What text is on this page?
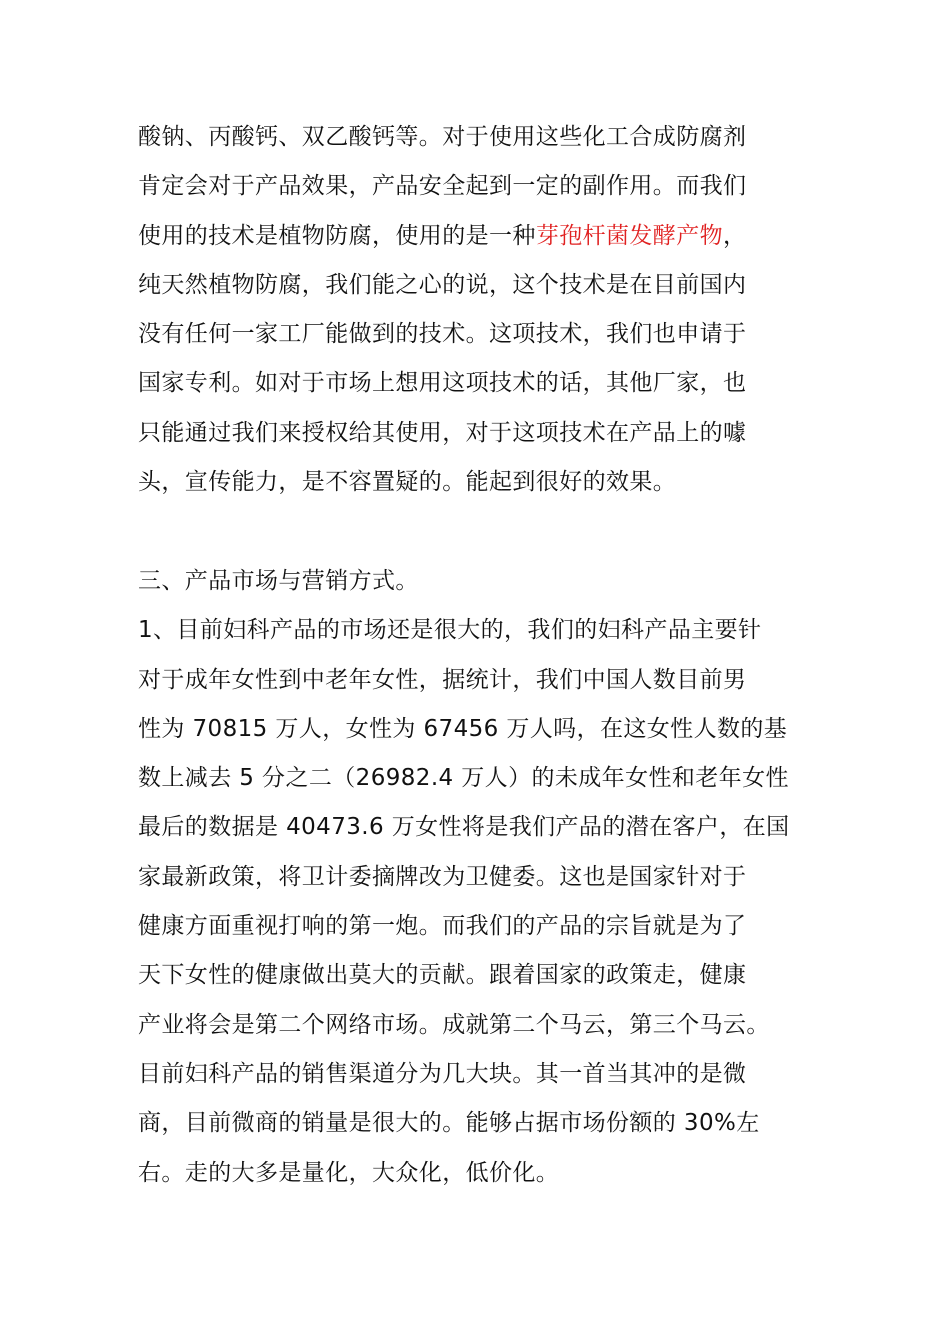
酸钠、丙酸钙、双乙酸钙等。对于使用这些化工合成防腐剂
肯定会对于产品效果，产品安全起到一定的副作用。而我们
使用的技术是植物防腐，使用的是一种芽孢杆菌发酵产物，
纯天然植物防腐，我们能之心的说，这个技术是在目前国内
没有任何一家工厂能做到的技术。这项技术，我们也申请于
国家专利。如对于市场上想用这项技术的话，其他厂家，也
只能通过我们来授权给其使用，对于这项技术在产品上的噱
头，宣传能力，是不容置疑的。能起到很好的效果。
三、产品市场与营销方式。
1、目前妇科产品的市场还是很大的，我们的妇科产品主要针
对于成年女性到中老年女性，据统计，我们中国人数目前男
性为 70815 万人，女性为 67456 万人吗，在这女性人数的基
数上减去 5 分之二（26982.4 万人）的未成年女性和老年女性
最后的数据是 40473.6 万女性将是我们产品的潜在客户，在国
家最新政策，将卫计委摘牌改为卫健委。这也是国家针对于
健康方面重视打响的第一炮。而我们的产品的宗旨就是为了
天下女性的健康做出莫大的贡献。跟着国家的政策走，健康
产业将会是第二个网络市场。成就第二个马云，第三个马云。
目前妇科产品的销售渠道分为几大块。其一首当其冲的是微
商，目前微商的销量是很大的。能够占据市场份额的 30%左
右。走的大多是量化，大众化，低价化。
